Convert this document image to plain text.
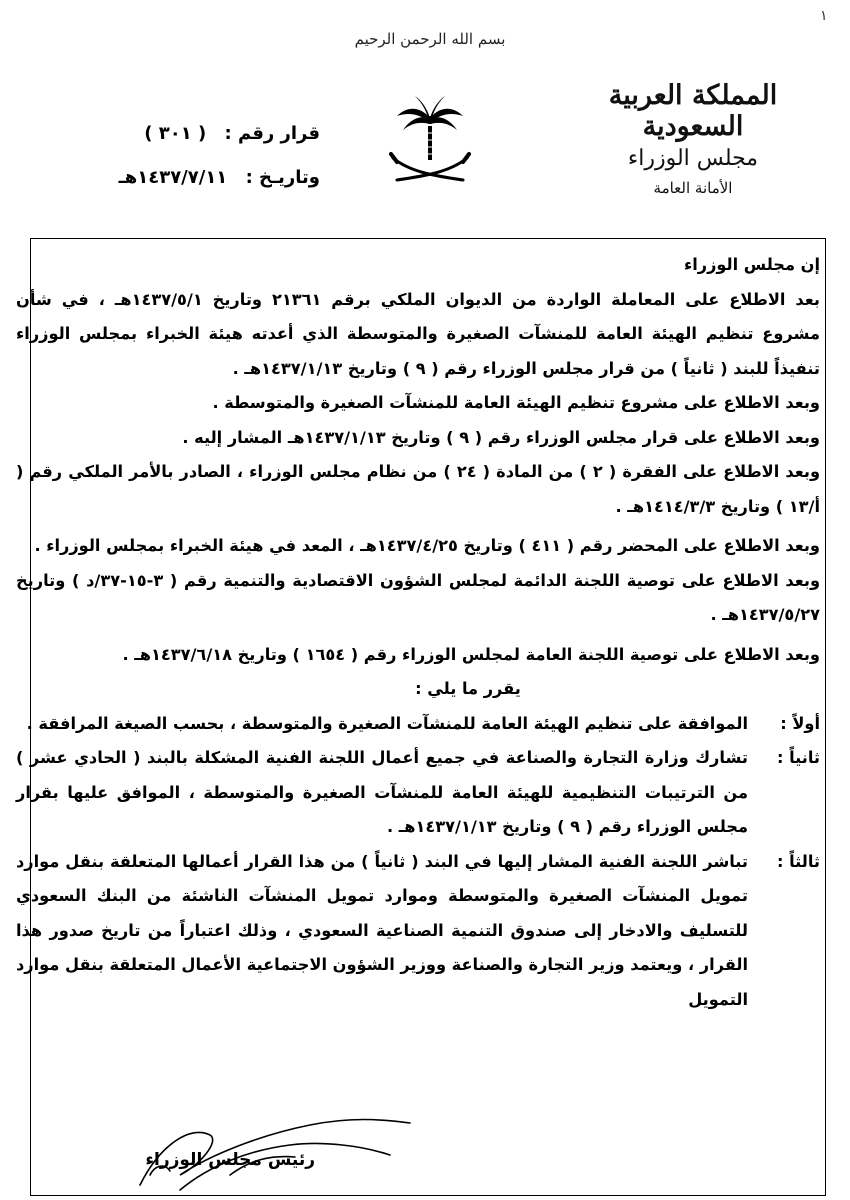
١
بسم الله الرحمن الرحيم
المملكة العربية السعودية
مجلس الوزراء
الأمانة العامة
قرار رقم : ( ٣٠١ )
وتاريـخ : ١٤٣٧/٧/١١هـ

إن مجلس الوزراء

بعد الاطلاع على المعاملة الواردة من الديوان الملكي برقم ٢١٣٦١ وتاريخ ١٤٣٧/٥/١هـ ، في شأن مشروع تنظيم الهيئة العامة للمنشآت الصغيرة والمتوسطة الذي أعدته هيئة الخبراء بمجلس الوزراء تنفيذاً للبند ( ثانياً ) من قرار مجلس الوزراء رقم ( ٩ ) وتاريخ ١٤٣٧/١/١٣هـ .

وبعد الاطلاع على مشروع تنظيم الهيئة العامة للمنشآت الصغيرة والمتوسطة .

وبعد الاطلاع على قرار مجلس الوزراء رقم ( ٩ ) وتاريخ ١٤٣٧/١/١٣هـ المشار إليه .

وبعد الاطلاع على الفقرة ( ٢ ) من المادة ( ٢٤ ) من نظام مجلس الوزراء ، الصادر بالأمر الملكي رقم ( أ/١٣ ) وتاريخ ١٤١٤/٣/٣هـ .

وبعد الاطلاع على المحضر رقم ( ٤١١ ) وتاريخ ١٤٣٧/٤/٢٥هـ ، المعد في هيئة الخبراء بمجلس الوزراء .

وبعد الاطلاع على توصية اللجنة الدائمة لمجلس الشؤون الاقتصادية والتنمية رقم ( ٣-١٥-٣٧/د ) وتاريخ ١٤٣٧/٥/٢٧هـ .

وبعد الاطلاع على توصية اللجنة العامة لمجلس الوزراء رقم ( ١٦٥٤ ) وتاريخ ١٤٣٧/٦/١٨هـ .

يقرر ما يلي :

أولاً :
الموافقة على تنظيم الهيئة العامة للمنشآت الصغيرة والمتوسطة ، بحسب الصيغة المرافقة .
ثانياً :
تشارك وزارة التجارة والصناعة في جميع أعمال اللجنة الفنية المشكلة بالبند ( الحادي عشر ) من الترتيبات التنظيمية للهيئة العامة للمنشآت الصغيرة والمتوسطة ، الموافق عليها بقرار مجلس الوزراء رقم ( ٩ ) وتاريخ ١٤٣٧/١/١٣هـ .
ثالثاً :
تباشر اللجنة الفنية المشار إليها في البند ( ثانياً ) من هذا القرار أعمالها المتعلقة بنقل موارد تمويل المنشآت الصغيرة والمتوسطة وموارد تمويل المنشآت الناشئة من البنك السعودي للتسليف والادخار إلى صندوق التنمية الصناعية السعودي ، وذلك اعتباراً من تاريخ صدور هذا القرار ، ويعتمد وزير التجارة والصناعة ووزير الشؤون الاجتماعية الأعمال المتعلقة بنقل موارد التمويل
رئيس مجلس الوزراء
